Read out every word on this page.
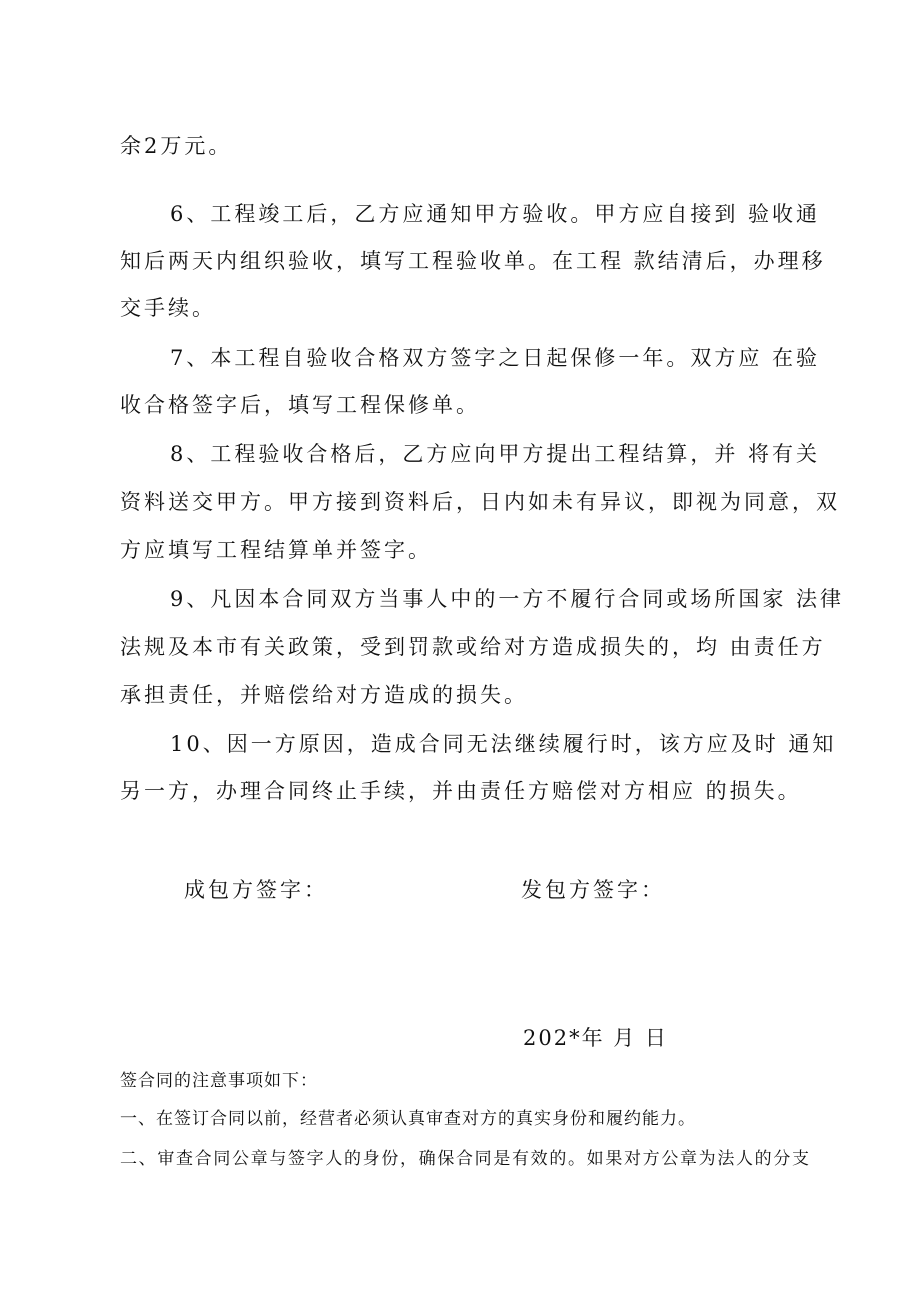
余2万元。
6、工程竣工后，乙方应通知甲方验收。甲方应自接到 验收通
知后两天内组织验收，填写工程验收单。在工程 款结清后，办理移
交手续。
7、本工程自验收合格双方签字之日起保修一年。双方应 在验
收合格签字后，填写工程保修单。
8、工程验收合格后，乙方应向甲方提出工程结算，并 将有关
资料送交甲方。甲方接到资料后，日内如未有异议，即视为同意，双
方应填写工程结算单并签字。
9、凡因本合同双方当事人中的一方不履行合同或场所国家 法律
法规及本市有关政策，受到罚款或给对方造成损失的，均 由责任方
承担责任，并赔偿给对方造成的损失。
10、因一方原因，造成合同无法继续履行时，该方应及时 通知
另一方，办理合同终止手续，并由责任方赔偿对方相应 的损失。
成包方签字：	发包方签字：
202*年 月 日
签合同的注意事项如下：
一、在签订合同以前，经营者必须认真审查对方的真实身份和履约能力。
二、审查合同公章与签字人的身份，确保合同是有效的。如果对方公章为法人的分支
